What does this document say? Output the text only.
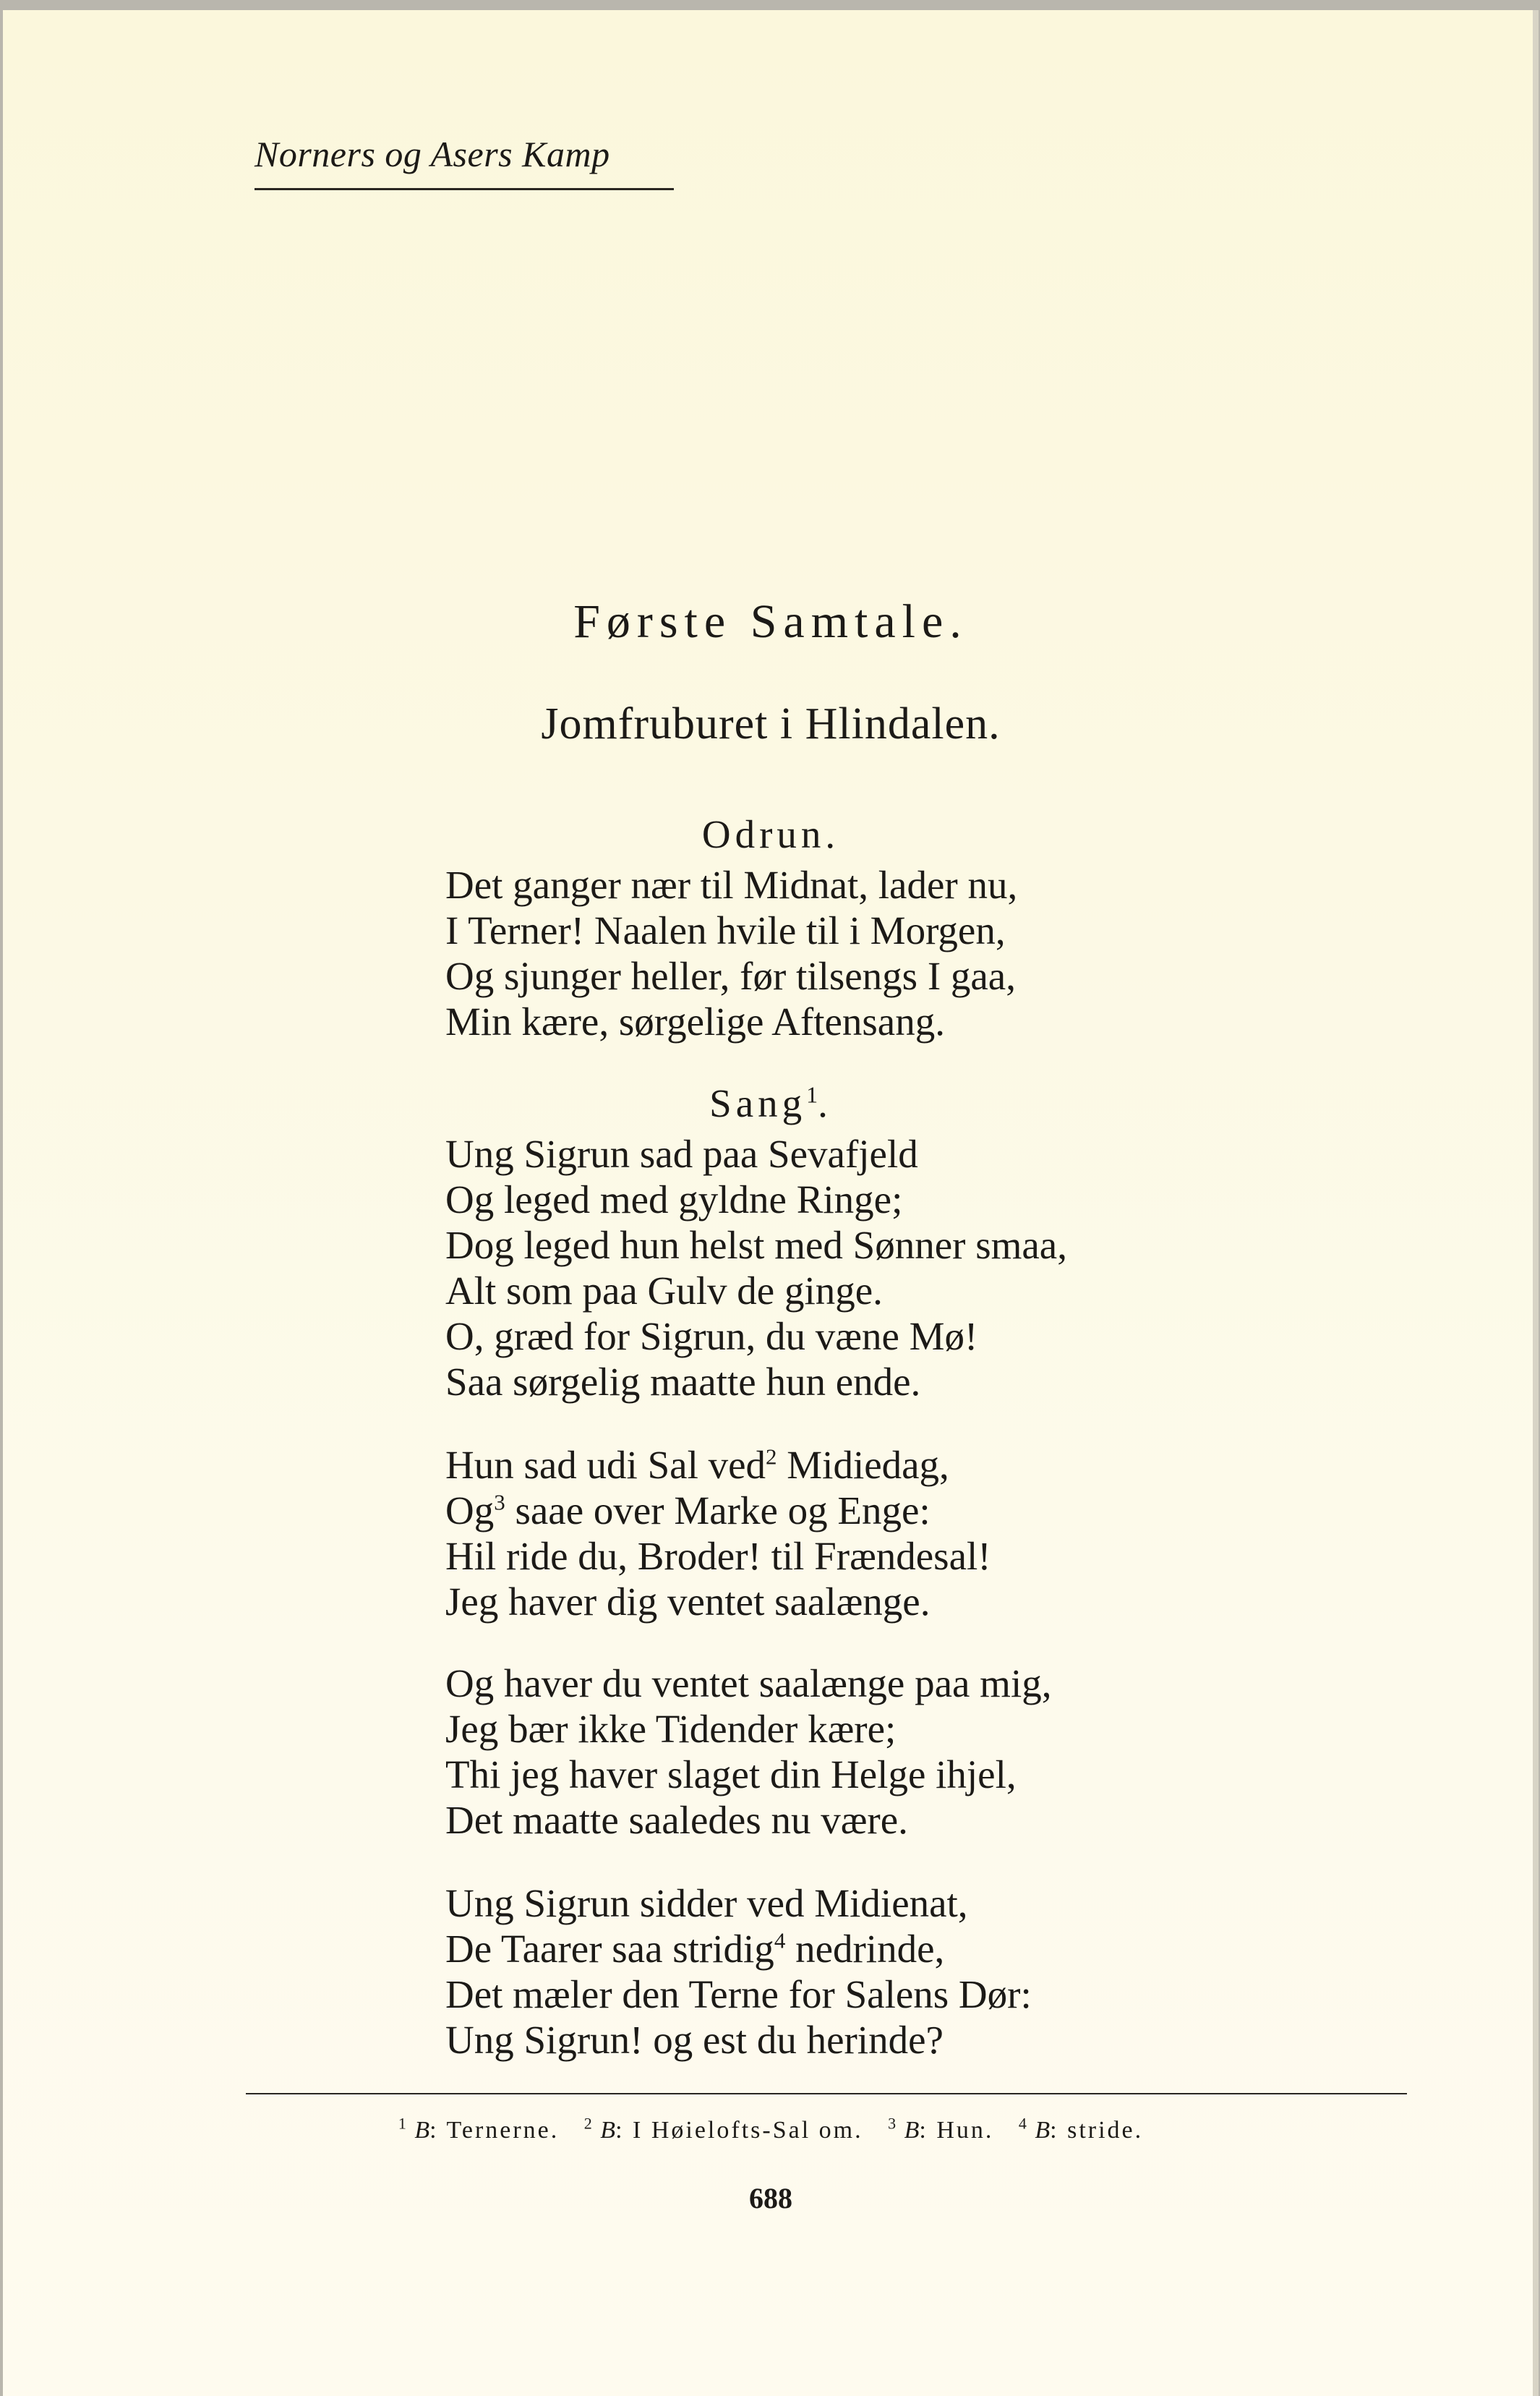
Norners og Asers Kamp
Første Samtale.
Jomfruburet i Hlindalen.
Odrun.
Det ganger nær til Midnat, lader nu,
I Terner! Naalen hvile til i Morgen,
Og sjunger heller, før tilsengs I gaa,
Min kære, sørgelige Aftensang.
Sang$^1$.
Ung Sigrun sad paa Sevafjeld
Og leged med gyldne Ringe;
Dog leged hun helst med Sønner smaa,
Alt som paa Gulv de ginge.
O, græd for Sigrun, du væne Mø!
Saa sørgelig maatte hun ende.
Hun sad udi Sal ved$^2$ Midiedag,
Og$^3$ saae over Marke og Enge:
Hil ride du, Broder! til Frændesal!
Jeg haver dig ventet saalænge.
Og haver du ventet saalænge paa mig,
Jeg bær ikke Tidender kære;
Thi jeg haver slaget din Helge ihjel,
Det maatte saaledes nu være.
Ung Sigrun sidder ved Midienat,
De Taarer saa stridig$^4$ nedrinde,
Det mæler den Terne for Salens Dør:
Ung Sigrun! og est du herinde?
$^1$ B: Ternerne. $^2$ B: I Høielofts-Sal om. $^3$ B: Hun. $^4$ B: stride.
688
